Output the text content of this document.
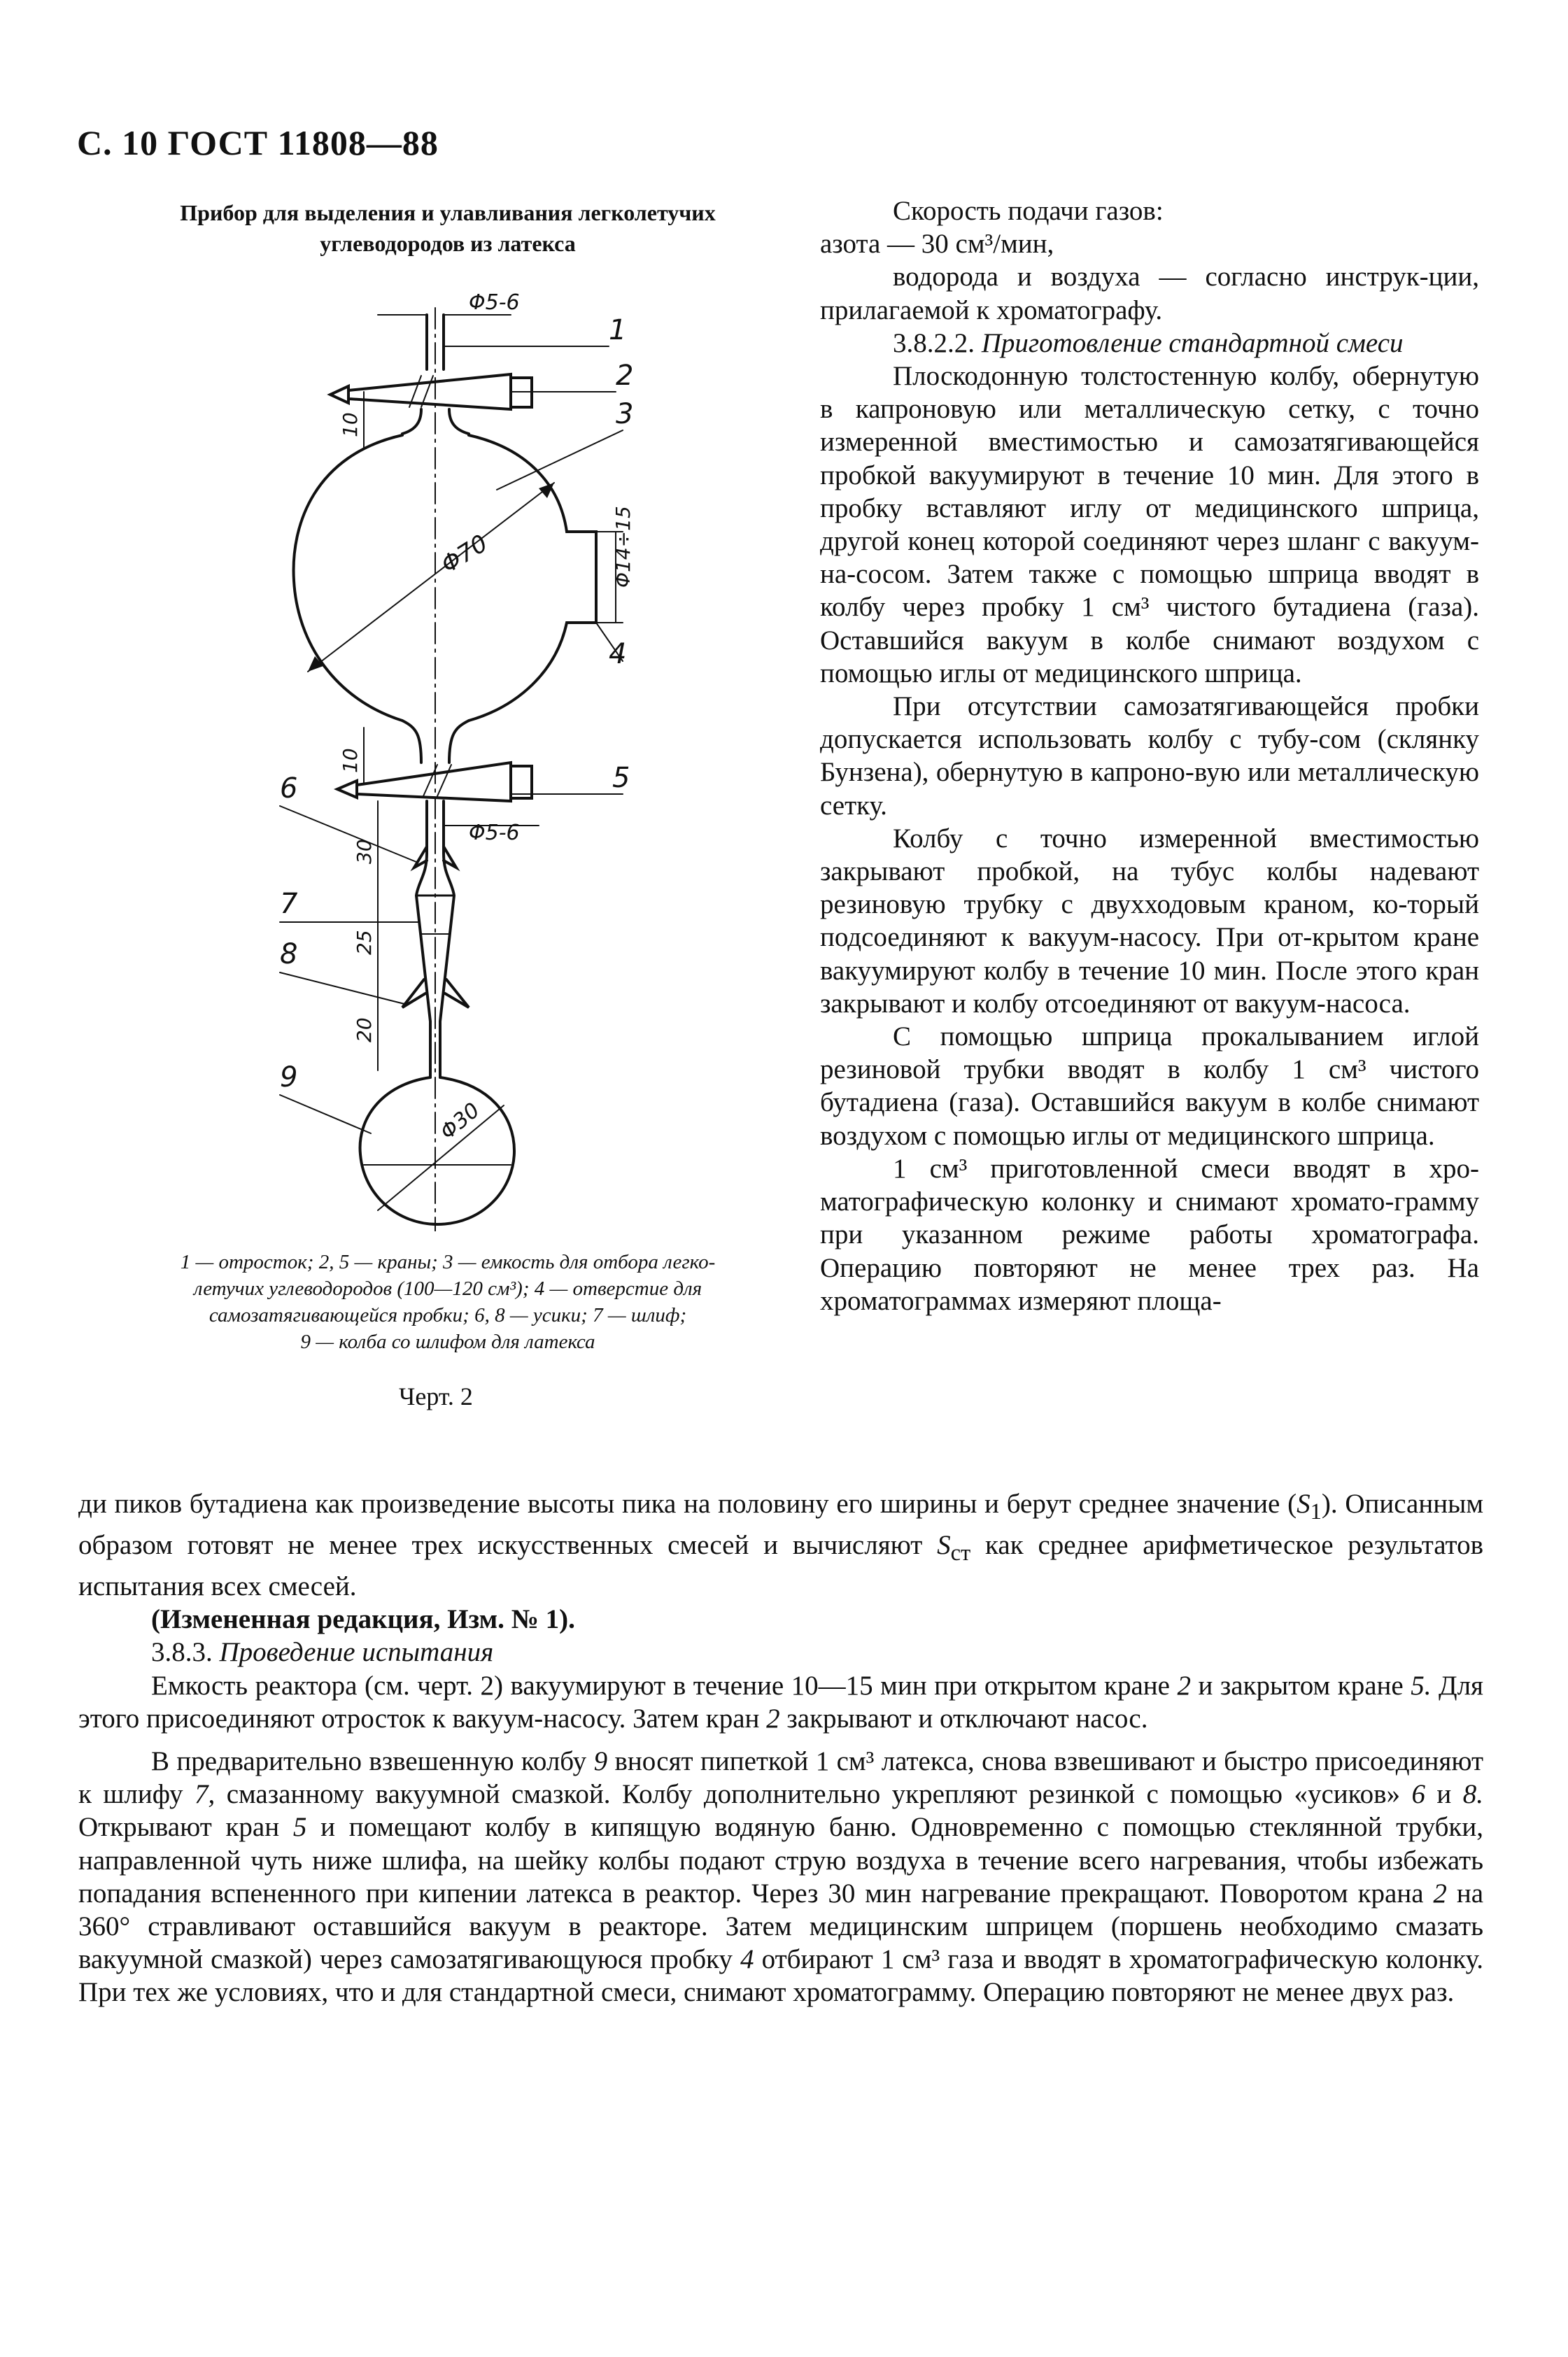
С. 10 ГОСТ 11808—88
Прибор для выделения и улавливания легколетучих
углеводородов из латекса
Φ70	Φ14÷15
Φ30
10
10
30
25
20
Φ5-6
Φ5-6
1
2
3
4
5
6
7
8
9
1 — отросток; 2, 5 — краны; 3 — емкость для отбора легко-
летучих углеводородов (100—120 см³); 4 — отверстие для
самозатягивающейся пробки; 6, 8 — усики; 7 — шлиф;
9 — колба со шлифом для латекса
Черт. 2

Скорость подачи газов:

азота — 30 см³/мин,

водорода и воздуха — согласно инструк-ции, прилагаемой к хроматографу.

3.8.2.2. Приготовление стандартной смеси

Плоскодонную толстостенную колбу, обернутую в капроновую или металлическую сетку, с точно измеренной вместимостью и самозатягивающейся пробкой вакуумируют в течение 10 мин. Для этого в пробку вставляют иглу от медицинского шприца, другой конец которой соединяют через шланг с вакуум-на-сосом. Затем также с помощью шприца вводят в колбу через пробку 1 см³ чистого бутадиена (газа). Оставшийся вакуум в колбе снимают воздухом с помощью иглы от медицинского шприца.

При отсутствии самозатягивающейся пробки допускается использовать колбу с тубу-сом (склянку Бунзена), обернутую в капроно-вую или металлическую сетку.

Колбу с точно измеренной вместимостью закрывают пробкой, на тубус колбы надевают резиновую трубку с двухходовым краном, ко-торый подсоединяют к вакуум-насосу. При от-крытом кране вакуумируют колбу в течение 10 мин. После этого кран закрывают и колбу отсоединяют от вакуум-насоса.

С помощью шприца прокалыванием иглой резиновой трубки вводят в колбу 1 см³ чистого бутадиена (газа). Оставшийся вакуум в колбе снимают воздухом с помощью иглы от медицинского шприца.

1 см³ приготовленной смеси вводят в хро-матографическую колонку и снимают хромато-грамму при указанном режиме работы хроматографа. Операцию повторяют не менее трех раз. На хроматограммах измеряют площа-

ди пиков бутадиена как произведение высоты пика на половину его ширины и берут среднее значение $(S_1)$. Описанным образом готовят не менее трех искусственных смесей и вычисляют $S_{ст}$ как среднее арифметическое результатов испытания всех смесей.

(Измененная редакция, Изм. № 1).

3.8.3. Проведение испытания

Емкость реактора (см. черт. 2) вакуумируют в течение 10—15 мин при открытом кране 2 и закрытом кране 5. Для этого присоединяют отросток к вакуум-насосу. Затем кран 2 закрывают и отключают насос.

В предварительно взвешенную колбу 9 вносят пипеткой 1 см³ латекса, снова взвешивают и быстро присоединяют к шлифу 7, смазанному вакуумной смазкой. Колбу дополнительно укрепляют резинкой с помощью «усиков» 6 и 8. Открывают кран 5 и помещают колбу в кипящую водяную баню. Одновременно с помощью стеклянной трубки, направленной чуть ниже шлифа, на шейку колбы подают струю воздуха в течение всего нагревания, чтобы избежать попадания вспененного при кипении латекса в реактор. Через 30 мин нагревание прекращают. Поворотом крана 2 на 360° стравливают оставшийся вакуум в реакторе. Затем медицинским шприцем (поршень необходимо смазать вакуумной смазкой) через самозатягивающуюся пробку 4 отбирают 1 см³ газа и вводят в хроматографическую колонку. При тех же условиях, что и для стандартной смеси, снимают хроматограмму. Операцию повторяют не менее двух раз.
